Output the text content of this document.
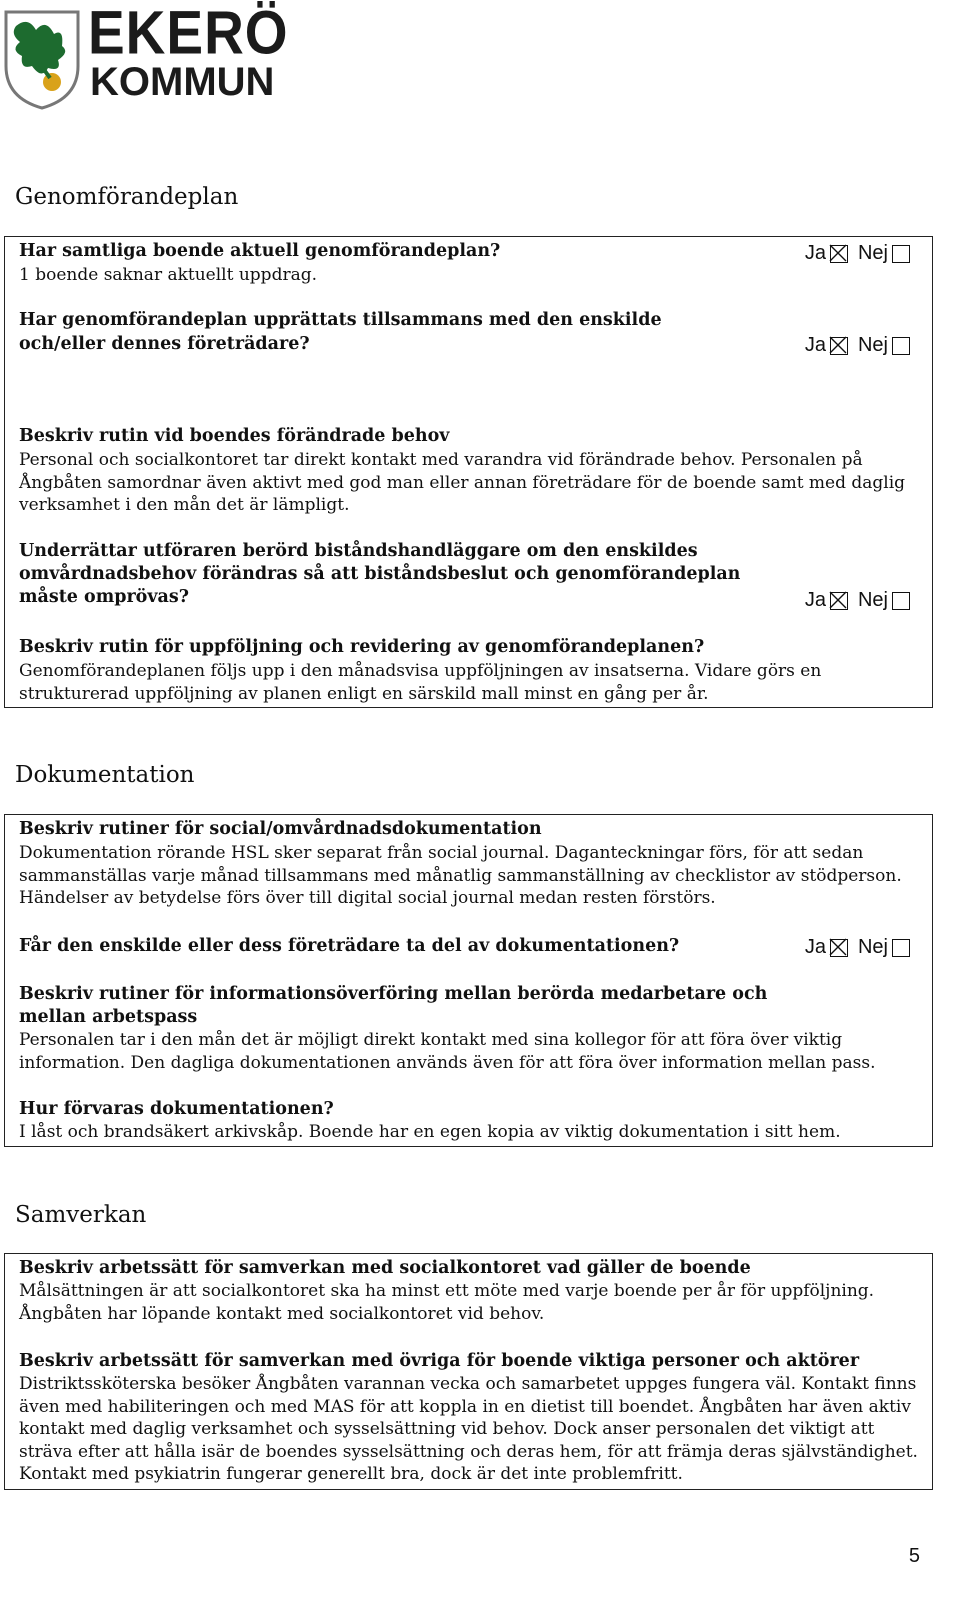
EKERÖ
KOMMUN
Genomförandeplan

Har samtliga boende aktuell genomförandeplan?

1 boende saknar aktuellt uppdrag.

Ja Nej

Har genomförandeplan upprättats tillsammans med den enskilde

och/eller dennes företrädare?	Ja Nej

Beskriv rutin vid boendes förändrade behov

Personal och socialkontoret tar direkt kontakt med varandra vid förändrade behov. Personalen på Ångbåten samordnar även aktivt med god man eller annan företrädare för de boende samt med daglig verksamhet i den mån det är lämpligt.

Underrättar utföraren berörd biståndshandläggare om den enskildes omvårdnadsbehov förändras så att biståndsbeslut och genomförandeplan måste omprövas?	Ja Nej

Beskriv rutin för uppföljning och revidering av genomförandeplanen?

Genomförandeplanen följs upp i den månadsvisa uppföljningen av insatserna. Vidare görs en strukturerad uppföljning av planen enligt en särskild mall minst en gång per år.

Dokumentation

Beskriv rutiner för social/omvårdnadsdokumentation

Dokumentation rörande HSL sker separat från social journal. Daganteckningar förs, för att sedan sammanställas varje månad tillsammans med månatlig sammanställning av checklistor av stödperson. Händelser av betydelse förs över till digital social journal medan resten förstörs.

Får den enskilde eller dess företrädare ta del av dokumentationen?	Ja Nej

Beskriv rutiner för informationsöverföring mellan berörda medarbetare och mellan arbetspass

Personalen tar i den mån det är möjligt direkt kontakt med sina kollegor för att föra över viktig information. Den dagliga dokumentationen används även för att föra över information mellan pass.

Hur förvaras dokumentationen?

I låst och brandsäkert arkivskåp. Boende har en egen kopia av viktig dokumentation i sitt hem.

Samverkan

Beskriv arbetssätt för samverkan med socialkontoret vad gäller de boende

Målsättningen är att socialkontoret ska ha minst ett möte med varje boende per år för uppföljning. Ångbåten har löpande kontakt med socialkontoret vid behov.

Beskriv arbetssätt för samverkan med övriga för boende viktiga personer och aktörer

Distriktssköterska besöker Ångbåten varannan vecka och samarbetet uppges fungera väl. Kontakt finns även med habiliteringen och med MAS för att koppla in en dietist till boendet. Ångbåten har även aktiv kontakt med daglig verksamhet och sysselsättning vid behov. Dock anser personalen det viktigt att sträva efter att hålla isär de boendes sysselsättning och deras hem, för att främja deras självständighet. Kontakt med psykiatrin fungerar generellt bra, dock är det inte problemfritt.

5
